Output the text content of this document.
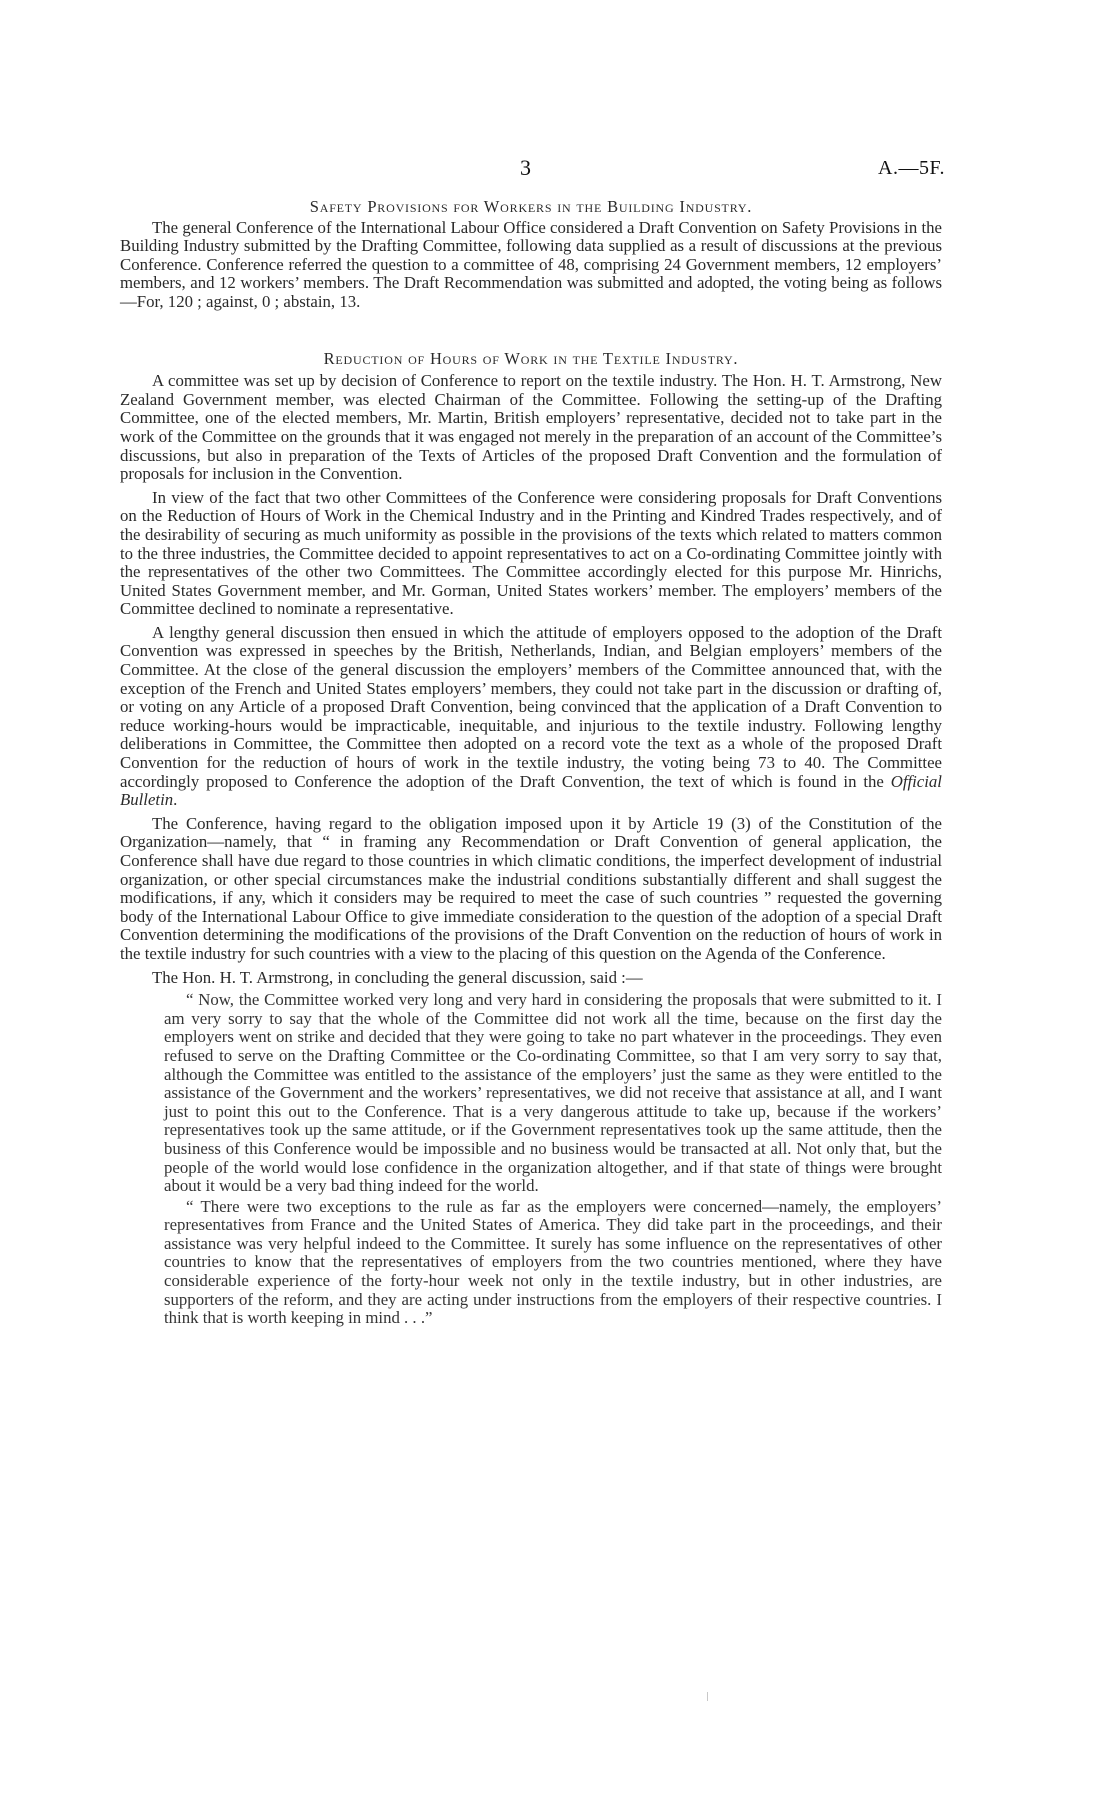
3	A.—5F.
Safety Provisions for Workers in the Building Industry.

The general Conference of the International Labour Office considered a Draft Convention on Safety Provisions in the Building Industry submitted by the Drafting Committee, following data supplied as a result of discussions at the previous Conference. Conference referred the question to a committee of 48, comprising 24 Government members, 12 employers’ members, and 12 workers’ members. The Draft Recommendation was submitted and adopted, the voting being as follows—For, 120 ; against, 0 ; abstain, 13.

Reduction of Hours of Work in the Textile Industry.

A committee was set up by decision of Conference to report on the textile industry. The Hon. H. T. Armstrong, New Zealand Government member, was elected Chairman of the Committee. Following the setting-up of the Drafting Committee, one of the elected members, Mr. Martin, British employers’ representative, decided not to take part in the work of the Committee on the grounds that it was engaged not merely in the preparation of an account of the Committee’s discussions, but also in preparation of the Texts of Articles of the proposed Draft Convention and the formulation of proposals for inclusion in the Convention.

In view of the fact that two other Committees of the Conference were considering proposals for Draft Conventions on the Reduction of Hours of Work in the Chemical Industry and in the Printing and Kindred Trades respectively, and of the desirability of securing as much uniformity as possible in the provisions of the texts which related to matters common to the three industries, the Committee decided to appoint representatives to act on a Co-ordinating Committee jointly with the representatives of the other two Committees. The Committee accordingly elected for this purpose Mr. Hinrichs, United States Government member, and Mr. Gorman, United States workers’ member. The employers’ members of the Committee declined to nominate a representative.

A lengthy general discussion then ensued in which the attitude of employers opposed to the adoption of the Draft Convention was expressed in speeches by the British, Netherlands, Indian, and Belgian employers’ members of the Committee. At the close of the general discussion the employers’ members of the Committee announced that, with the exception of the French and United States employers’ members, they could not take part in the discussion or drafting of, or voting on any Article of a proposed Draft Convention, being convinced that the application of a Draft Convention to reduce working-hours would be impracticable, inequitable, and injurious to the textile industry. Following lengthy deliberations in Committee, the Committee then adopted on a record vote the text as a whole of the proposed Draft Convention for the reduction of hours of work in the textile industry, the voting being 73 to 40. The Committee accordingly proposed to Conference the adoption of the Draft Convention, the text of which is found in the Official Bulletin.

The Conference, having regard to the obligation imposed upon it by Article 19 (3) of the Constitution of the Organization—namely, that “ in framing any Recommendation or Draft Convention of general application, the Conference shall have due regard to those countries in which climatic conditions, the imperfect development of industrial organization, or other special circumstances make the industrial conditions substantially different and shall suggest the modifications, if any, which it considers may be required to meet the case of such countries ” requested the governing body of the International Labour Office to give immediate consideration to the question of the adoption of a special Draft Convention determining the modifications of the provisions of the Draft Convention on the reduction of hours of work in the textile industry for such countries with a view to the placing of this question on the Agenda of the Conference.

The Hon. H. T. Armstrong, in concluding the general discussion, said :—

“ Now, the Committee worked very long and very hard in considering the proposals that were submitted to it. I am very sorry to say that the whole of the Committee did not work all the time, because on the first day the employers went on strike and decided that they were going to take no part whatever in the proceedings. They even refused to serve on the Drafting Committee or the Co-ordinating Committee, so that I am very sorry to say that, although the Committee was entitled to the assistance of the employers’ just the same as they were entitled to the assistance of the Government and the workers’ representatives, we did not receive that assistance at all, and I want just to point this out to the Conference. That is a very dangerous attitude to take up, because if the workers’ representatives took up the same attitude, or if the Government representatives took up the same attitude, then the business of this Conference would be impossible and no business would be transacted at all. Not only that, but the people of the world would lose confidence in the organization altogether, and if that state of things were brought about it would be a very bad thing indeed for the world.

“ There were two exceptions to the rule as far as the employers were concerned—namely, the employers’ representatives from France and the United States of America. They did take part in the proceedings, and their assistance was very helpful indeed to the Committee. It surely has some influence on the representatives of other countries to know that the representatives of employers from the two countries mentioned, where they have considerable experience of the forty-hour week not only in the textile industry, but in other industries, are supporters of the reform, and they are acting under instructions from the employers of their respective countries. I think that is worth keeping in mind . . .”
